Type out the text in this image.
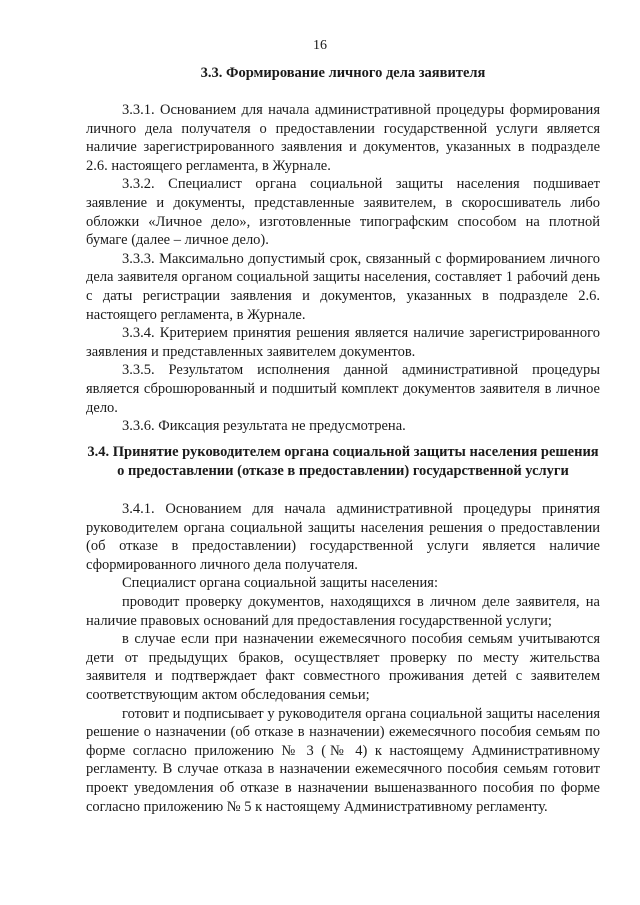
16
3.3. Формирование личного дела заявителя

3.3.1. Основанием для начала административной процедуры формирования личного дела получателя о предоставлении государственной услуги является наличие зарегистрированного заявления и документов, указанных в подразделе 2.6. настоящего регламента, в Журнале.

3.3.2. Специалист органа социальной защиты населения подшивает заявление и документы, представленные заявителем, в скоросшиватель либо обложки «Личное дело», изготовленные типографским способом на плотной бумаге (далее – личное дело).

3.3.3. Максимально допустимый срок, связанный с формированием личного дела заявителя органом социальной защиты населения, составляет 1 рабочий день с даты регистрации заявления и документов, указанных в подразделе 2.6. настоящего регламента, в Журнале.

3.3.4. Критерием принятия решения является наличие зарегистрированного заявления и представленных заявителем документов.

3.3.5. Результатом исполнения данной административной процедуры является сброшюрованный и подшитый комплект документов заявителя в личное дело.

3.3.6. Фиксация результата не предусмотрена.

3.4. Принятие руководителем органа социальной защиты населения решения о предоставлении (отказе в предоставлении) государственной услуги

3.4.1. Основанием для начала административной процедуры принятия руководителем органа социальной защиты населения решения о предоставлении (об отказе в предоставлении) государственной услуги является наличие сформированного личного дела получателя.

Специалист органа социальной защиты населения:

проводит проверку документов, находящихся в личном деле заявителя, на наличие правовых оснований для предоставления государственной услуги;

в случае если при назначении ежемесячного пособия семьям учитываются дети от предыдущих браков, осуществляет проверку по месту жительства заявителя и подтверждает факт совместного проживания детей с заявителем соответствующим актом обследования семьи;

готовит и подписывает у руководителя органа социальной защиты населения решение о назначении (об отказе в назначении) ежемесячного пособия семьям по форме согласно приложению № 3 (№ 4) к настоящему Административному регламенту. В случае отказа в назначении ежемесячного пособия семьям готовит проект уведомления об отказе в назначении вышеназванного пособия по форме согласно приложению № 5 к настоящему Административному регламенту.
